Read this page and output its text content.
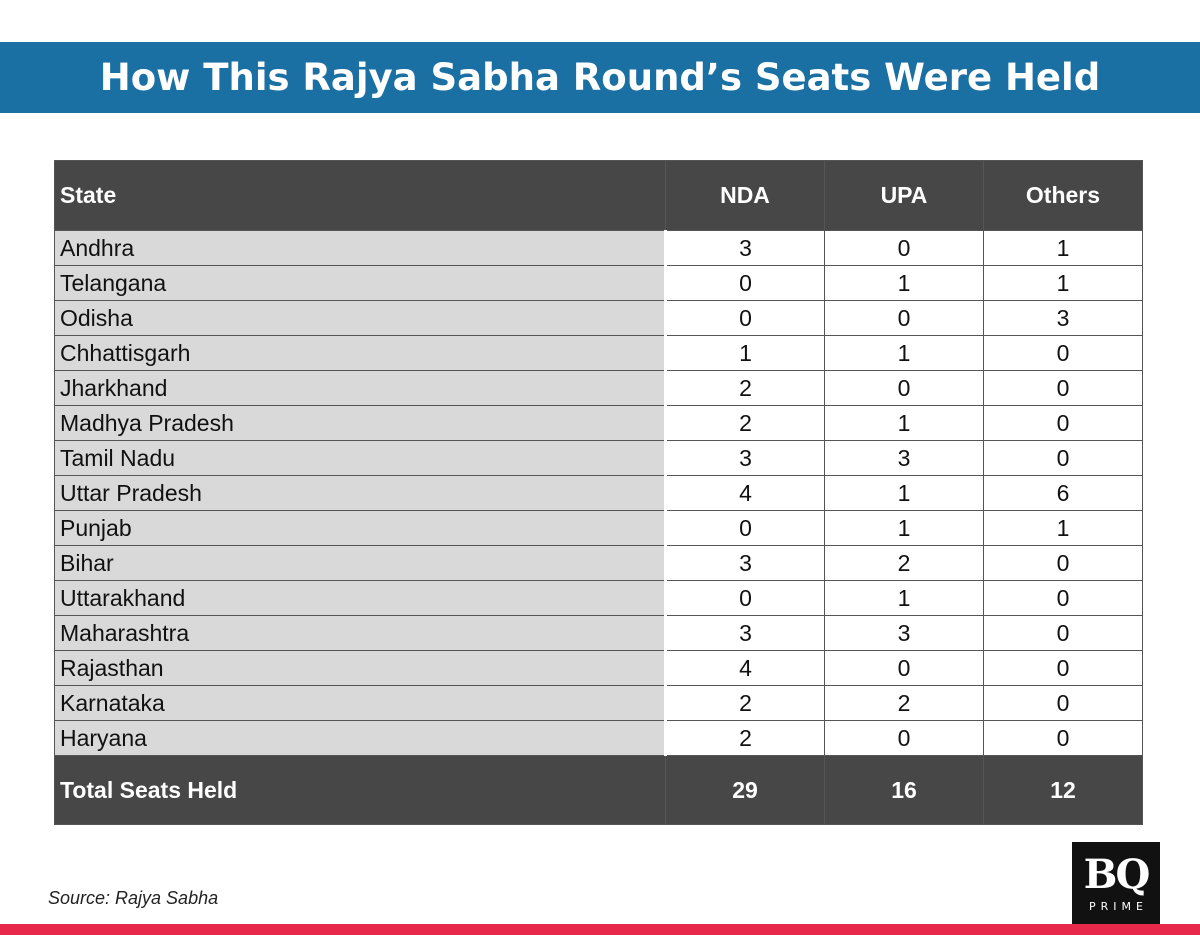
How This Rajya Sabha Round’s Seats Were Held
State	NDA	UPA	Others
Andhra	3	0	1
Telangana	0	1	1
Odisha	0	0	3
Chhattisgarh	1	1	0
Jharkhand	2	0	0
Madhya Pradesh	2	1	0
Tamil Nadu	3	3	0
Uttar Pradesh	4	1	6
Punjab	0	1	1
Bihar	3	2	0
Uttarakhand	0	1	0
Maharashtra	3	3	0
Rajasthan	4	0	0
Karnataka	2	2	0
Haryana	2	0	0
Total Seats Held	29	16	12
Source: Rajya Sabha	BQ
PRIME
